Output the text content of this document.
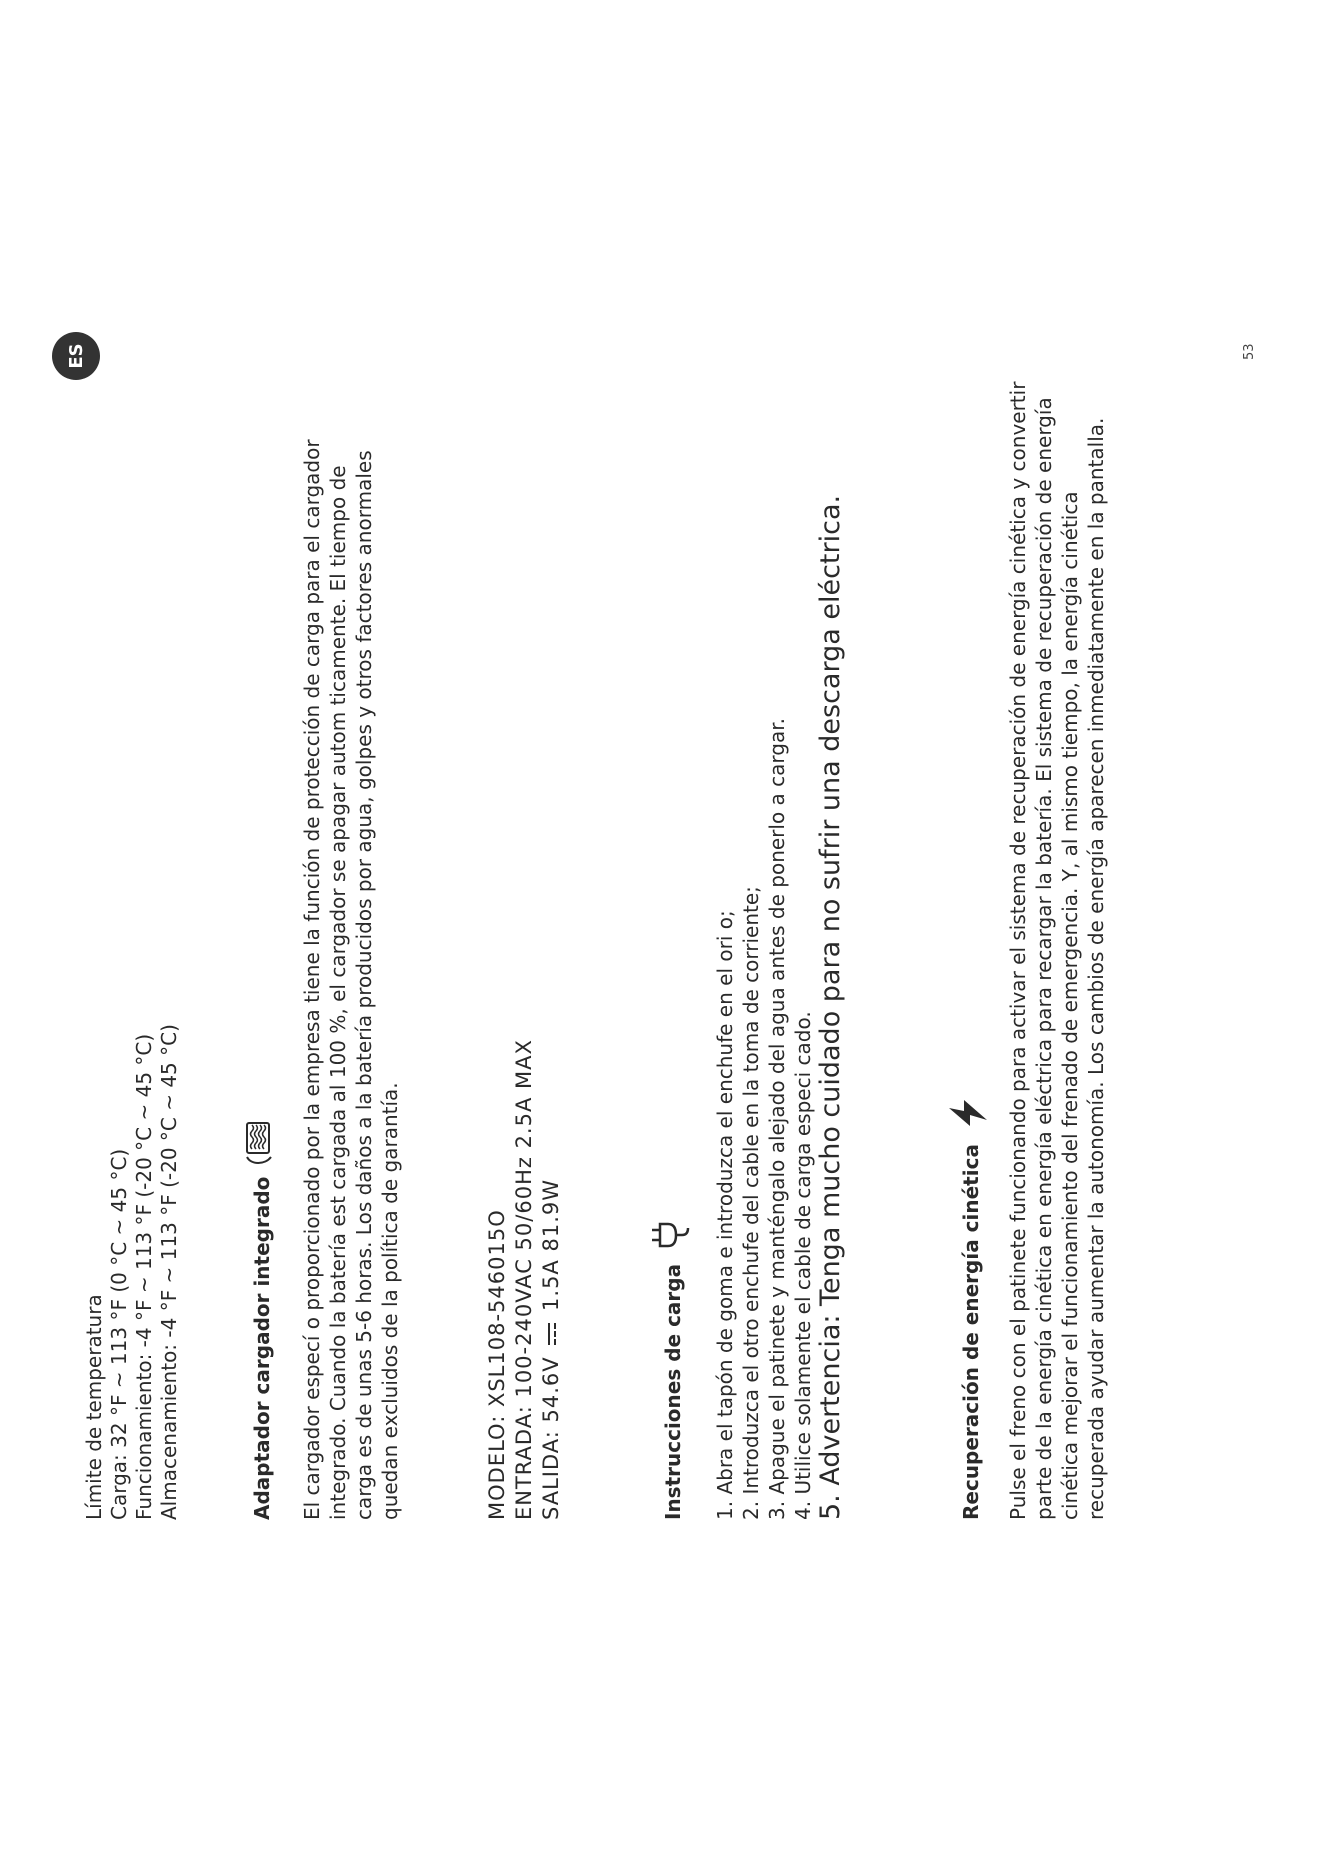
Límite de temperatura Carga: 32 °F ~ 113 °F (0 °C ~ 45 °C) Funcionamiento: -4 °F ~ 113 °F (-20 °C ~ 45 °C) Almacenamiento: -4 °F ~ 113 °F (-20 °C ~ 45 °C)	Adaptador cargador integrado El cargador especí o proporcionado por la empresa tiene la función de protección de carga para el cargador integrado. Cuando la batería est cargada al 100 %, el cargador se apagar autom ticamente. El tiempo de carga es de unas 5-6 horas. Los daños a la batería producidos por agua, golpes y otros factores anormales quedan excluidos de la política de garantía.	MODELO: XSL108-546015O ENTRADA: 100-240VAC 50/60Hz 2.5A MAX SALIDA: 54.6V  1.5A 81.9W
Instrucciones de carga 1. Abra el tapón de goma e introduzca el enchufe en el ori o; 2. Introduzca el otro enchufe del cable en la toma de corriente; 3. Apague el patinete y manténgalo alejado del agua antes de ponerlo a cargar. 4. Utilice solamente el cable de carga especi cado. 5. Advertencia: Tenga mucho cuidado para no sufrir una descarga eléctrica.	Recuperación de energía cinética Pulse el freno con el patinete funcionando para activar el sistema de recuperación de energía cinética y convertir parte de la energía cinética en energía eléctrica para recargar la batería. El sistema de recuperación de energía cinética mejorar el funcionamiento del frenado de emergencia. Y, al mismo tiempo, la energía cinética recuperada ayudar aumentar la autonomía. Los cambios de energía aparecen inmediatamente en la pantalla.
ES	53
